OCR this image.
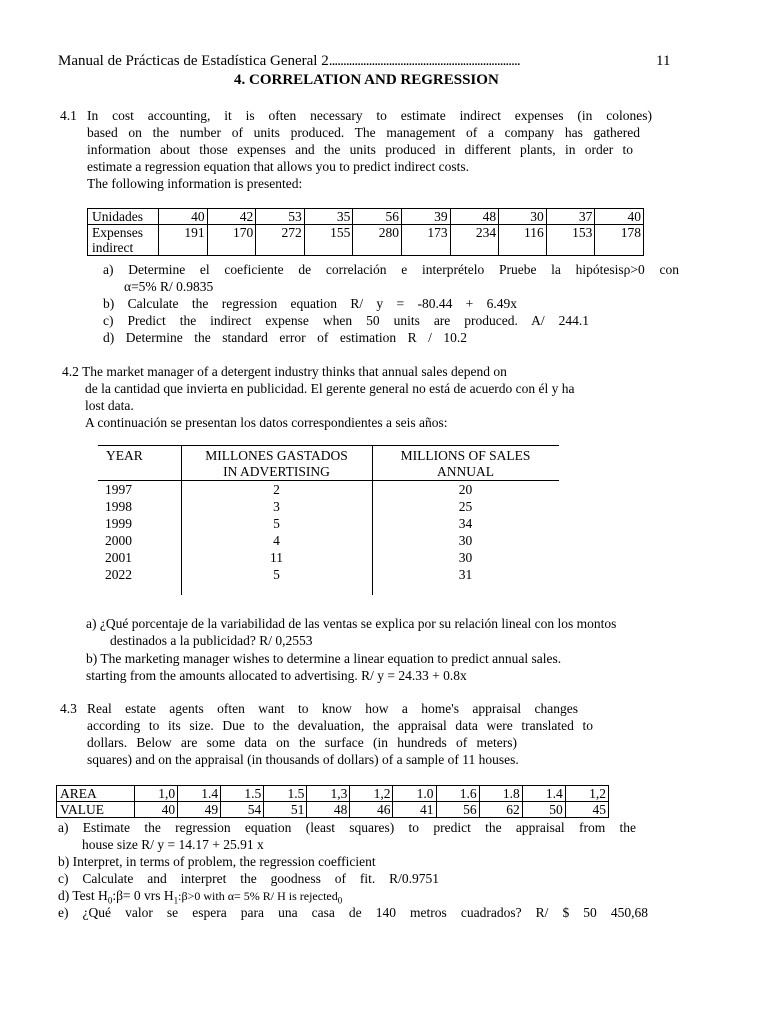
Manual de Prácticas de Estadística General 2...................................................................	11
4. CORRELATION AND REGRESSION
4.1 In cost accounting, it is often necessary to estimate indirect expenses (in colones)
based on the number of units produced. The management of a company has gathered
information about those expenses and the units produced in different plants, in order to
estimate a regression equation that allows you to predict indirect costs.
The following information is presented:
Unidades	40	42	53	35	56	39	48	30	37	40
Expenses
indirect	191	170	272	155	280	173	234	116	153	178
a) Determine el coeficiente de correlación e interprételo Pruebe la hipótesisρ>0 con
α=5% R/ 0.9835
b) Calculate the regression equation R/ y = -80.44 + 6.49x
c) Predict the indirect expense when 50 units are produced. A/ 244.1
d) Determine the standard error of estimation R / 10.2
4.2 The market manager of a detergent industry thinks that annual sales depend on
de la cantidad que invierta en publicidad. El gerente general no está de acuerdo con él y ha
lost data.
A continuación se presentan los datos correspondientes a seis años:
YEAR	MILLONES GASTADOS
IN ADVERTISING
MILLIONS OF SALES
ANNUAL
1997	2	20
1998	3	25
1999	5	34
2000	4	30
2001	11	30
2022	5	31
a) ¿Qué porcentaje de la variabilidad de las ventas se explica por su relación lineal con los montos
destinados a la publicidad? R/ 0,2553
b) The marketing manager wishes to determine a linear equation to predict annual sales.
starting from the amounts allocated to advertising. R/ y = 24.33 + 0.8x
4.3 Real estate agents often want to know how a home's appraisal changes
according to its size. Due to the devaluation, the appraisal data were translated to
dollars. Below are some data on the surface (in hundreds of meters)
squares) and on the appraisal (in thousands of dollars) of a sample of 11 houses.
AREA	1,0	1.4	1.5	1.5	1,3	1,2	1.0	1.6	1.8	1.4	1,2
VALUE	40	49	54	51	48	46	41	56	62	50	45
a) Estimate the regression equation (least squares) to predict the appraisal from the
house size R/ y = 14.17 + 25.91 x
b) Interpret, in terms of problem, the regression coefficient
c) Calculate and interpret the goodness of fit. R/0.9751
d) Test $H_0:\beta= 0$ vrs $H_1:\beta>0$ with α= 5% R/ H is rejected$_0$
e) ¿Qué valor se espera para una casa de 140 metros cuadrados? R/ $ 50 450,68
